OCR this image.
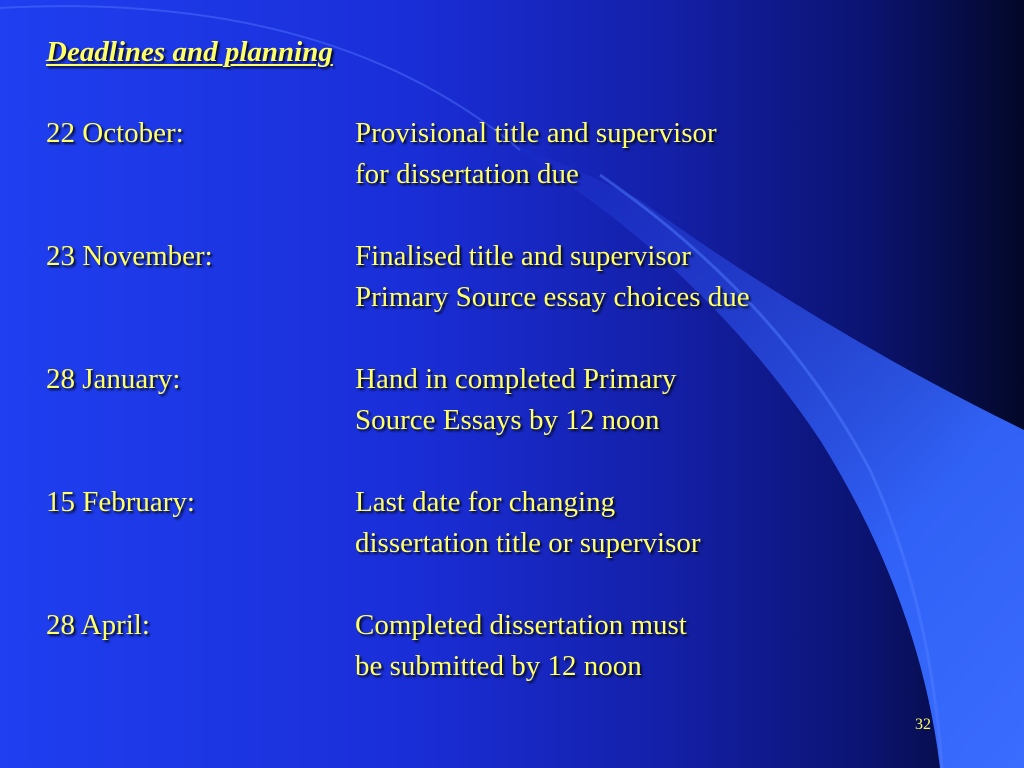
Deadlines and planning
22 October:	Provisional title and supervisor
for dissertation due
23 November:	Finalised title and supervisor
Primary Source essay choices due
28 January:	Hand in completed Primary
Source Essays by 12 noon
15 February:	Last date for changing
dissertation title or supervisor
28 April:	Completed dissertation must
be submitted by 12 noon
32
